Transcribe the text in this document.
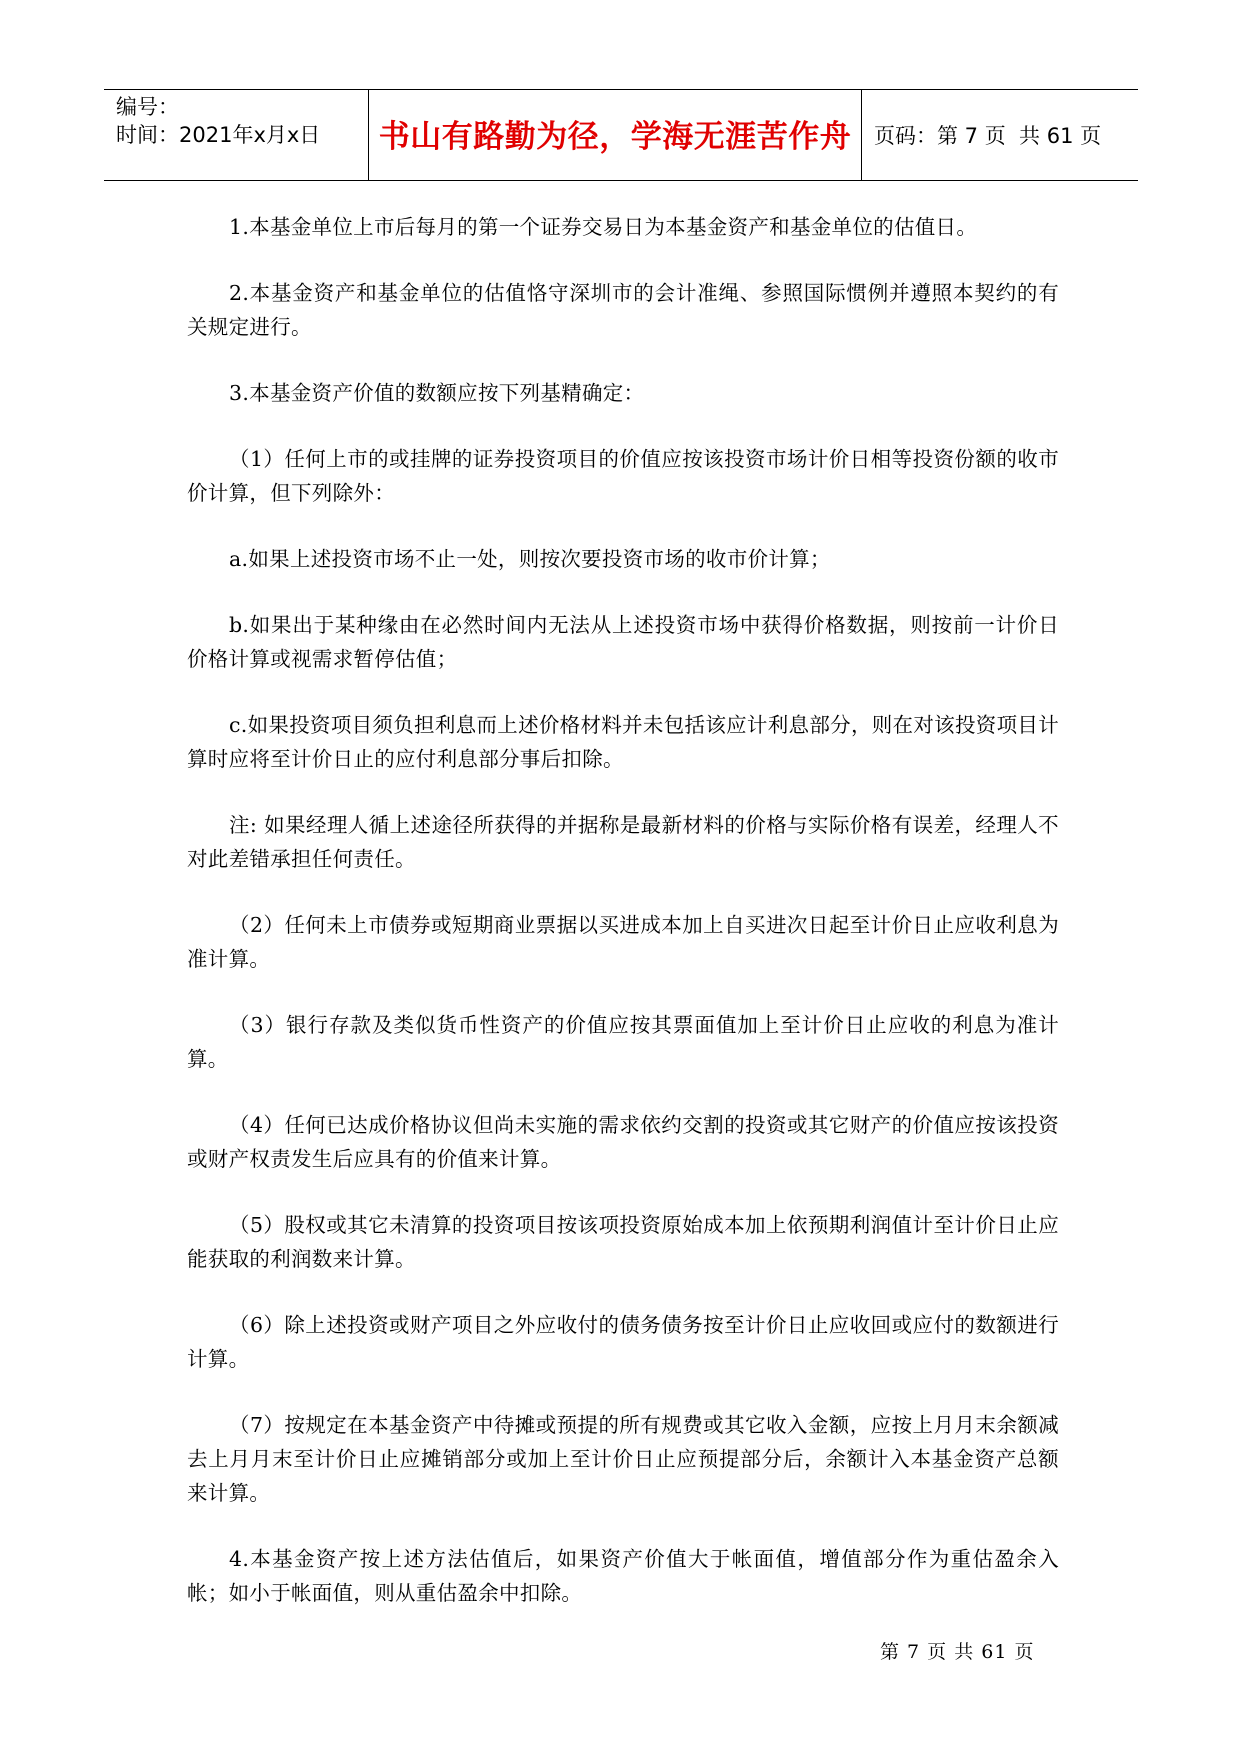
编号：
时间：2021年x月x日	书山有路勤为径，学海无涯苦作舟 页码：第 7 页  共 61 页

1.本基金单位上市后每月的第一个证券交易日为本基金资产和基金单位的估值日。

2.本基金资产和基金单位的估值恪守深圳市的会计准绳、参照国际惯例并遵照本契约的有关规定进行。

3.本基金资产价值的数额应按下列基精确定：

（1）任何上市的或挂牌的证券投资项目的价值应按该投资市场计价日相等投资份额的收市价计算，但下列除外：

a.如果上述投资市场不止一处，则按次要投资市场的收市价计算；

b.如果出于某种缘由在必然时间内无法从上述投资市场中获得价格数据，则按前一计价日价格计算或视需求暂停估值；

c.如果投资项目须负担利息而上述价格材料并未包括该应计利息部分，则在对该投资项目计算时应将至计价日止的应付利息部分事后扣除。

注: 如果经理人循上述途径所获得的并据称是最新材料的价格与实际价格有误差，经理人不对此差错承担任何责任。

（2）任何未上市债券或短期商业票据以买进成本加上自买进次日起至计价日止应收利息为准计算。

（3）银行存款及类似货币性资产的价值应按其票面值加上至计价日止应收的利息为准计算。

（4）任何已达成价格协议但尚未实施的需求依约交割的投资或其它财产的价值应按该投资或财产权责发生后应具有的价值来计算。

（5）股权或其它未清算的投资项目按该项投资原始成本加上依预期利润值计至计价日止应能获取的利润数来计算。

（6）除上述投资或财产项目之外应收付的债务债务按至计价日止应收回或应付的数额进行计算。

（7）按规定在本基金资产中待摊或预提的所有规费或其它收入金额，应按上月月末余额减去上月月末至计价日止应摊销部分或加上至计价日止应预提部分后，余额计入本基金资产总额来计算。

4.本基金资产按上述方法估值后，如果资产价值大于帐面值，增值部分作为重估盈余入帐；如小于帐面值，则从重估盈余中扣除。

第 7 页 共 61 页
